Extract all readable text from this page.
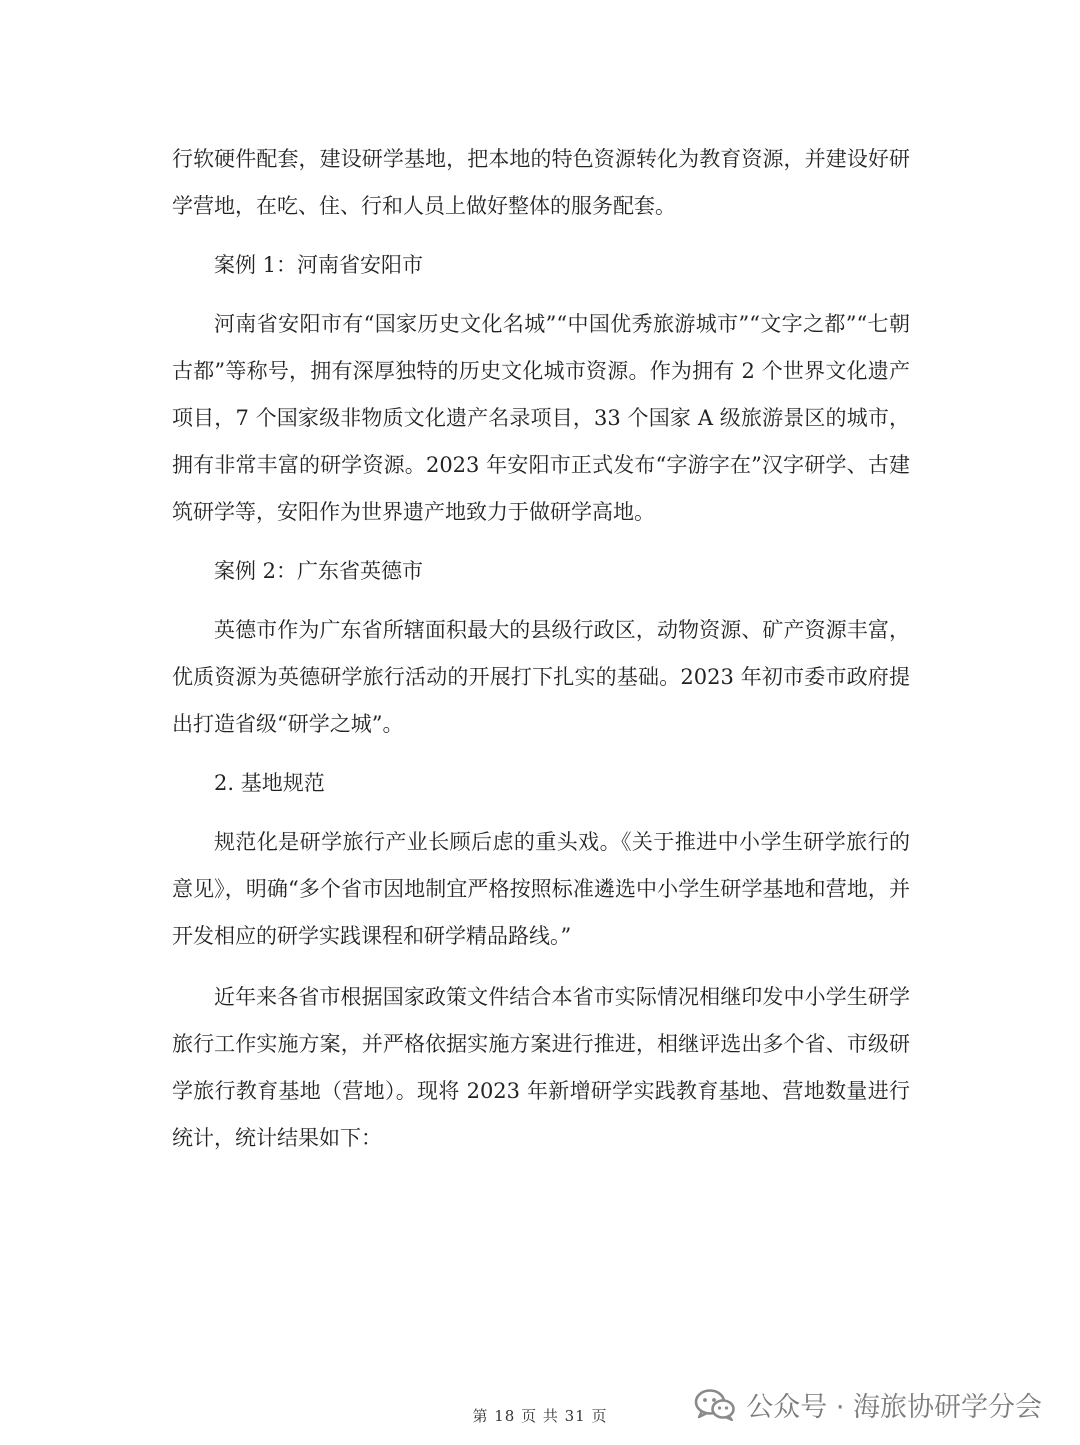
行软硬件配套，建设研学基地，把本地的特色资源转化为教育资源，并建设好研学营地，在吃、住、行和人员上做好整体的服务配套。

案例 1：河南省安阳市

河南省安阳市有“国家历史文化名城”“中国优秀旅游城市”“文字之都”“七朝古都”等称号，拥有深厚独特的历史文化城市资源。作为拥有 2 个世界文化遗产项目，7 个国家级非物质文化遗产名录项目，33 个国家 A 级旅游景区的城市，拥有非常丰富的研学资源。2023 年安阳市正式发布“字游字在”汉字研学、古建筑研学等，安阳作为世界遗产地致力于做研学高地。

案例 2：广东省英德市

英德市作为广东省所辖面积最大的县级行政区，动物资源、矿产资源丰富，优质资源为英德研学旅行活动的开展打下扎实的基础。2023 年初市委市政府提出打造省级“研学之城”。

2. 基地规范

规范化是研学旅行产业长顾后虑的重头戏。《关于推进中小学生研学旅行的意见》，明确“多个省市因地制宜严格按照标准遴选中小学生研学基地和营地，并开发相应的研学实践课程和研学精品路线。”

近年来各省市根据国家政策文件结合本省市实际情况相继印发中小学生研学旅行工作实施方案，并严格依据实施方案进行推进，相继评选出多个省、市级研学旅行教育基地（营地）。现将 2023 年新增研学实践教育基地、营地数量进行统计，统计结果如下：

第 18 页 共 31 页	公众号 · 海旅协研学分会
